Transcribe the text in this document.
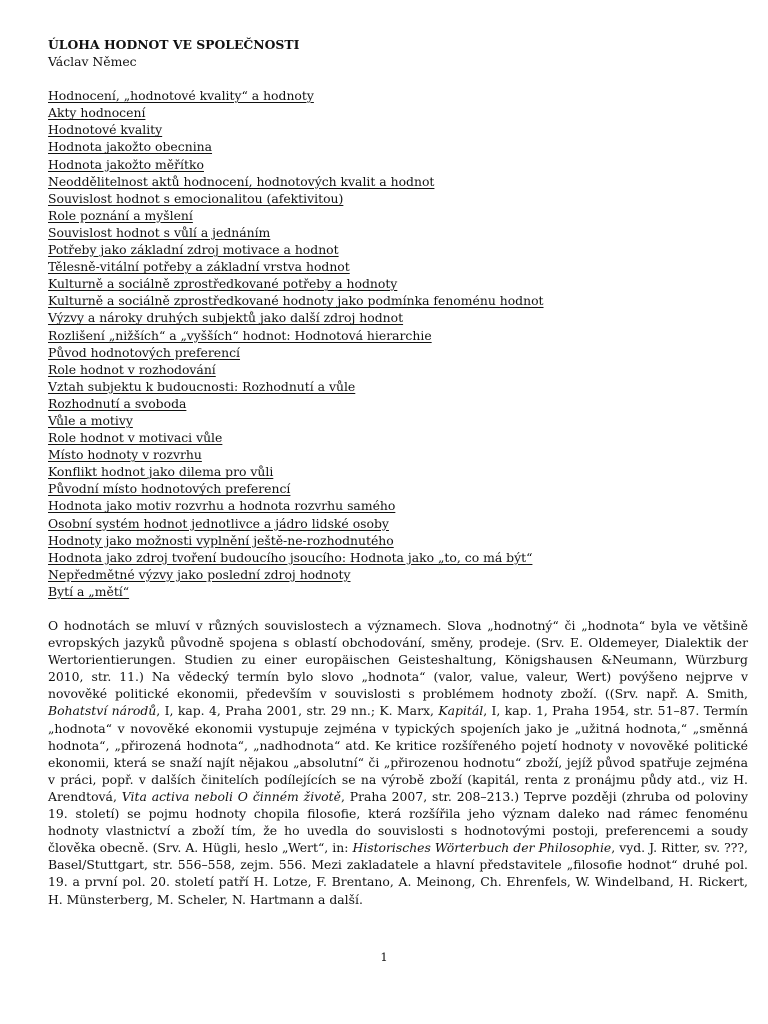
ÚLOHA HODNOT VE SPOLEČNOSTI

Václav Němec

Hodnocení, „hodnotové kvality“ a hodnoty
Akty hodnocení
Hodnotové kvality
Hodnota jakožto obecnina
Hodnota jakožto měřítko
Neoddělitelnost aktů hodnocení, hodnotových kvalit a hodnot
Souvislost hodnot s emocionalitou (afektivitou)
Role poznání a myšlení
Souvislost hodnot s vůlí a jednáním
Potřeby jako základní zdroj motivace a hodnot
Tělesně-vitální potřeby a základní vrstva hodnot
Kulturně a sociálně zprostředkované potřeby a hodnoty
Kulturně a sociálně zprostředkované hodnoty jako podmínka fenoménu hodnot
Výzvy a nároky druhých subjektů jako další zdroj hodnot
Rozlišení „nižších“ a „vyšších“ hodnot: Hodnotová hierarchie
Původ hodnotových preferencí
Role hodnot v rozhodování
Vztah subjektu k budoucnosti: Rozhodnutí a vůle
Rozhodnutí a svoboda
Vůle a motivy
Role hodnot v motivaci vůle
Místo hodnoty v rozvrhu
Konflikt hodnot jako dilema pro vůli
Původní místo hodnotových preferencí
Hodnota jako motiv rozvrhu a hodnota rozvrhu samého
Osobní systém hodnot jednotlivce a jádro lidské osoby
Hodnoty jako možnosti vyplnění ještě-ne-rozhodnutého
Hodnota jako zdroj tvoření budoucího jsoucího: Hodnota jako „to, co má být“
Nepředmětné výzvy jako poslední zdroj hodnoty
Bytí a „mětí“

O hodnotách se mluví v různých souvislostech a významech. Slova „hodnotný“ či „hodnota“ byla ve většině evropských jazyků původně spojena s oblastí obchodování, směny, prodeje. (Srv. E. Oldemeyer, Dialektik der Wertorientierungen. Studien zu einer europäischen Geisteshaltung, Königshausen &Neumann, Würzburg 2010, str. 11.) Na vědecký termín bylo slovo „hodnota“ (valor, value, valeur, Wert) povýšeno nejprve v novověké politické ekonomii, především v souvislosti s problémem hodnoty zboží. ((Srv. např. A. Smith, Bohatství národů, I, kap. 4, Praha 2001, str. 29 nn.; K. Marx, Kapitál, I, kap. 1, Praha 1954, str. 51–87. Termín „hodnota“ v novověké ekonomii vystupuje zejména v typických spojeních jako je „užitná hodnota,“ „směnná hodnota“, „přirozená hodnota“, „nadhodnota“ atd. Ke kritice rozšířeného pojetí hodnoty v novověké politické ekonomii, která se snaží najít nějakou „absolutní“ či „přirozenou hodnotu“ zboží, jejíž původ spatřuje zejména v práci, popř. v dalších činitelích podílejících se na výrobě zboží (kapitál, renta z pronájmu půdy atd., viz H. Arendtová, Vita activa neboli O činném životě, Praha 2007, str. 208–213.) Teprve později (zhruba od poloviny 19. století) se pojmu hodnoty chopila filosofie, která rozšířila jeho význam daleko nad rámec fenoménu hodnoty vlastnictví a zboží tím, že ho uvedla do souvislosti s hodnotovými postoji, preferencemi a soudy člověka obecně. (Srv. A. Hügli, heslo „Wert“, in: Historisches Wörterbuch der Philosophie, vyd. J. Ritter, sv. ???, Basel/Stuttgart, str. 556–558, zejm. 556. Mezi zakladatele a hlavní představitele „filosofie hodnot“ druhé pol. 19. a první pol. 20. století patří H. Lotze, F. Brentano, A. Meinong, Ch. Ehrenfels, W. Windelband, H. Rickert, H. Münsterberg, M. Scheler, N. Hartmann a další.

1
